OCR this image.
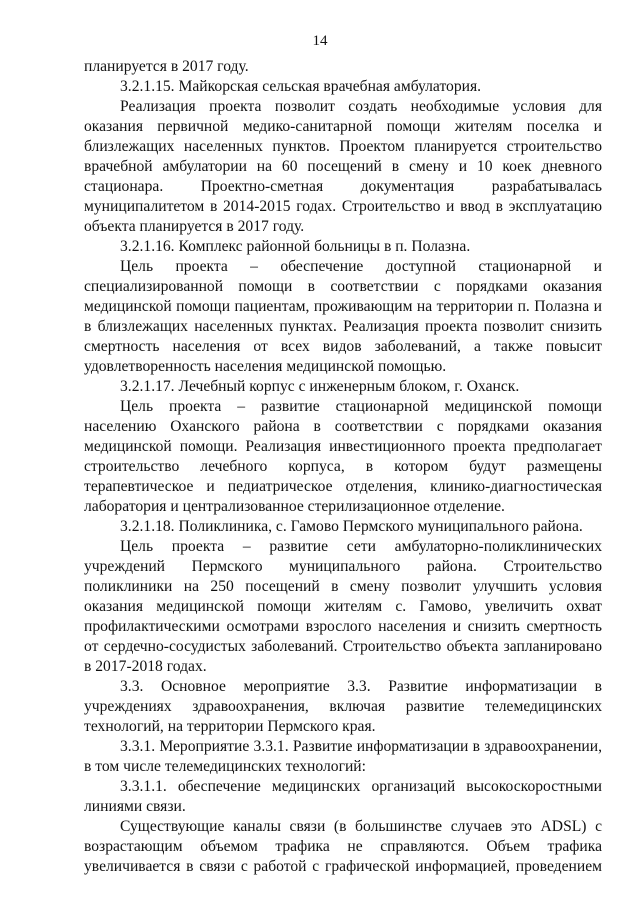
14

планируется в 2017 году.

3.2.1.15. Майкорская сельская врачебная амбулатория.

Реализация проекта позволит создать необходимые условия для оказания первичной медико-санитарной помощи жителям поселка и близлежащих населенных пунктов. Проектом планируется строительство врачебной амбулатории на 60 посещений в смену и 10 коек дневного стационара. Проектно-сметная документация разрабатывалась муниципалитетом в 2014-2015 годах. Строительство и ввод в эксплуатацию объекта планируется в 2017 году.

3.2.1.16. Комплекс районной больницы в п. Полазна.

Цель проекта – обеспечение доступной стационарной и специализированной помощи в соответствии с порядками оказания медицинской помощи пациентам, проживающим на территории п. Полазна и в близлежащих населенных пунктах. Реализация проекта позволит снизить смертность населения от всех видов заболеваний, а также повысит удовлетворенность населения медицинской помощью.

3.2.1.17. Лечебный корпус с инженерным блоком, г. Оханск.

Цель проекта – развитие стационарной медицинской помощи населению Оханского района в соответствии с порядками оказания медицинской помощи. Реализация инвестиционного проекта предполагает строительство лечебного корпуса, в котором будут размещены терапевтическое и педиатрическое отделения, клинико-диагностическая лаборатория и централизованное стерилизационное отделение.

3.2.1.18. Поликлиника, с. Гамово Пермского муниципального района.

Цель проекта – развитие сети амбулаторно-поликлинических учреждений Пермского муниципального района. Строительство поликлиники на 250 посещений в смену позволит улучшить условия оказания медицинской помощи жителям с. Гамово, увеличить охват профилактическими осмотрами взрослого населения и снизить смертность от сердечно-сосудистых заболеваний. Строительство объекта запланировано в 2017-2018 годах.

3.3. Основное мероприятие 3.3. Развитие информатизации в учреждениях здравоохранения, включая развитие телемедицинских технологий, на территории Пермского края.

3.3.1. Мероприятие 3.3.1. Развитие информатизации в здравоохранении, в том числе телемедицинских технологий:

3.3.1.1. обеспечение медицинских организаций высокоскоростными линиями связи.

Существующие каналы связи (в большинстве случаев это ADSL) с возрастающим объемом трафика не справляются. Объем трафика увеличивается в связи с работой с графической информацией, проведением
